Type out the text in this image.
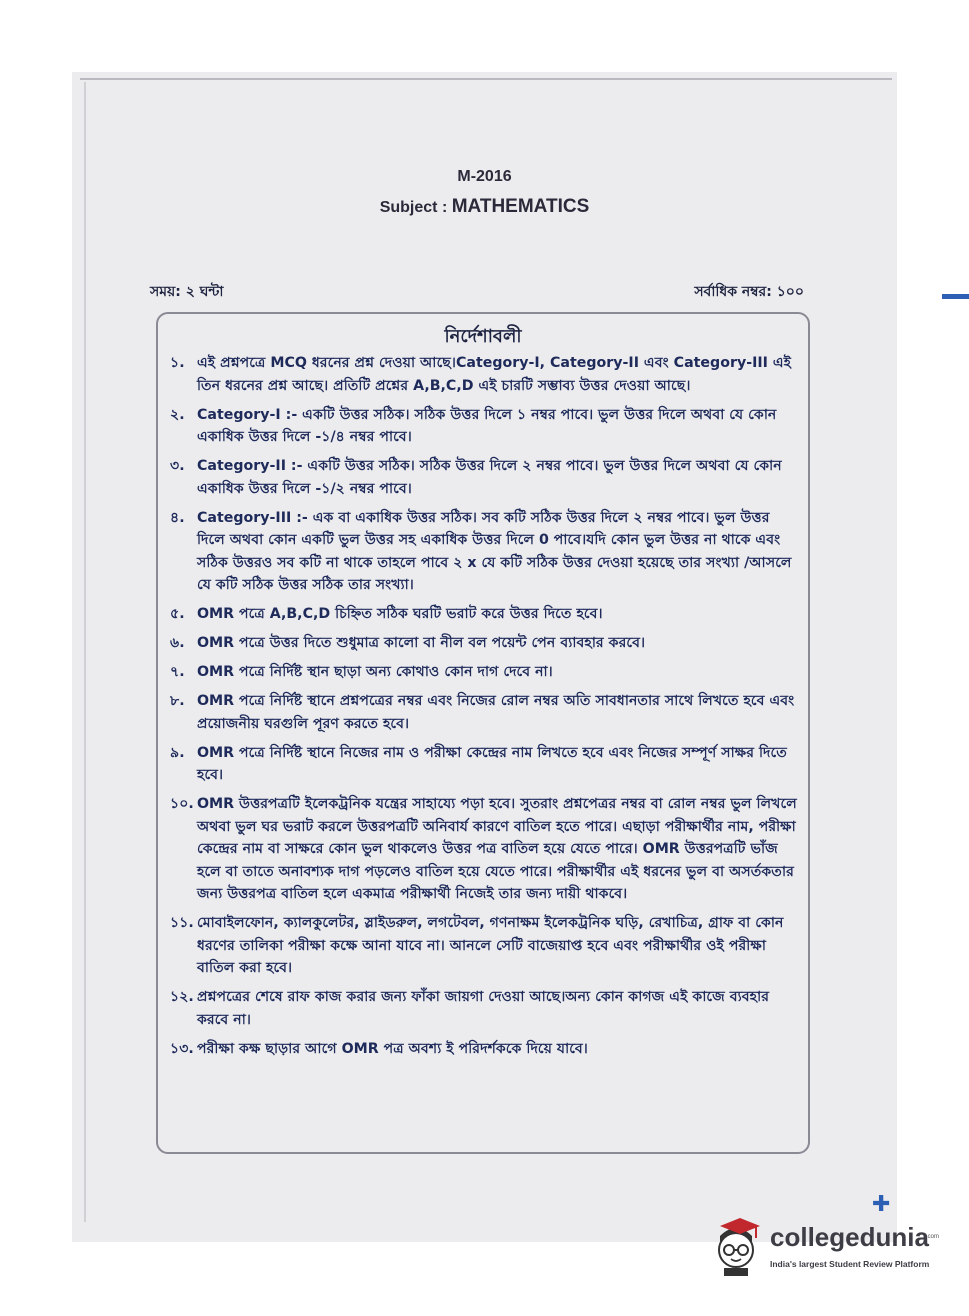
M-2016
Subject : MATHEMATICS
সময়: ২ ঘন্টা	সর্বাধিক নম্বর: ১০০
নির্দেশাবলী
১. এই প্রশ্নপত্রে MCQ ধরনের প্রশ্ন দেওয়া আছে।Category-I, Category-II এবং Category-III এই তিন ধরনের প্রশ্ন আছে। প্রতিটি প্রশ্নের A,B,C,D এই চারটি সম্ভাব্য উত্তর দেওয়া আছে।
২. Category-I :- একটি উত্তর সঠিক। সঠিক উত্তর দিলে ১ নম্বর পাবে। ভুল উত্তর দিলে অথবা যে কোন একাধিক উত্তর দিলে -১/৪ নম্বর পাবে।
৩. Category-II :- একটি উত্তর সঠিক। সঠিক উত্তর দিলে ২ নম্বর পাবে। ভুল উত্তর দিলে অথবা যে কোন একাধিক উত্তর দিলে -১/২ নম্বর পাবে।
৪. Category-III :- এক বা একাধিক উত্তর সঠিক। সব কটি সঠিক উত্তর দিলে ২ নম্বর পাবে। ভুল উত্তর দিলে অথবা কোন একটি ভুল উত্তর সহ একাধিক উত্তর দিলে 0 পাবে।যদি কোন ভুল উত্তর না থাকে এবং সঠিক উত্তরও সব কটি না থাকে তাহলে পাবে ২ x যে কটি সঠিক উত্তর দেওয়া হয়েছে তার সংখ্যা /আসলে যে কটি সঠিক উত্তর সঠিক তার সংখ্যা।
৫. OMR পত্রে A,B,C,D চিহ্নিত সঠিক ঘরটি ভরাট করে উত্তর দিতে হবে।
৬. OMR পত্রে উত্তর দিতে শুধুমাত্র কালো বা নীল বল পয়েন্ট পেন ব্যাবহার করবে।
৭. OMR পত্রে নির্দিষ্ট স্থান ছাড়া অন্য কোথাও কোন দাগ দেবে না।
৮. OMR পত্রে নির্দিষ্ট স্থানে প্রশ্নপত্রের নম্বর এবং নিজের রোল নম্বর অতি সাবধানতার সাথে লিখতে হবে এবং প্রয়োজনীয় ঘরগুলি পূরণ করতে হবে।
৯. OMR পত্রে নির্দিষ্ট স্থানে নিজের নাম ও পরীক্ষা কেন্দ্রের নাম লিখতে হবে এবং নিজের সম্পূর্ণ সাক্ষর দিতে হবে।
১০. OMR উত্তরপত্রটি ইলেকট্রনিক যন্ত্রের সাহায্যে পড়া হবে। সুতরাং প্রশ্নপেত্রর নম্বর বা রোল নম্বর ভুল লিখলে অথবা ভুল ঘর ভরাট করলে উত্তরপত্রটি অনিবার্য কারণে বাতিল হতে পারে। এছাড়া পরীক্ষার্থীর নাম, পরীক্ষা কেন্দ্রের নাম বা সাক্ষরে কোন ভুল থাকলেও উত্তর পত্র বাতিল হয়ে যেতে পারে। OMR উত্তরপত্রটি ভাঁজ হলে বা তাতে অনাবশ্যক দাগ পড়লেও বাতিল হয়ে যেতে পারে। পরীক্ষার্থীর এই ধরনের ভুল বা অসর্তকতার জন্য উত্তরপত্র বাতিল হলে একমাত্র পরীক্ষার্থী নিজেই তার জন্য দায়ী থাকবে।
১১. মোবাইলফোন, ক্যালকুলেটর, স্লাইডরুল, লগটেবল, গণনাক্ষম ইলেকট্রনিক ঘড়ি, রেখাচিত্র, গ্রাফ বা কোন ধরণের তালিকা পরীক্ষা কক্ষে আনা যাবে না। আনলে সেটি বাজেয়াপ্ত হবে এবং পরীক্ষার্থীর ওই পরীক্ষা বাতিল করা হবে।
১২. প্রশ্নপত্রের শেষে রাফ কাজ করার জন্য ফাঁকা জায়গা দেওয়া আছে।অন্য কোন কাগজ এই কাজে ব্যবহার করবে না।
১৩. পরীক্ষা কক্ষ ছাড়ার আগে OMR পত্র অবশ্য ই পরিদর্শককে দিয়ে যাবে।
✚
collegedunia
.com
India's largest Student Review Platform
